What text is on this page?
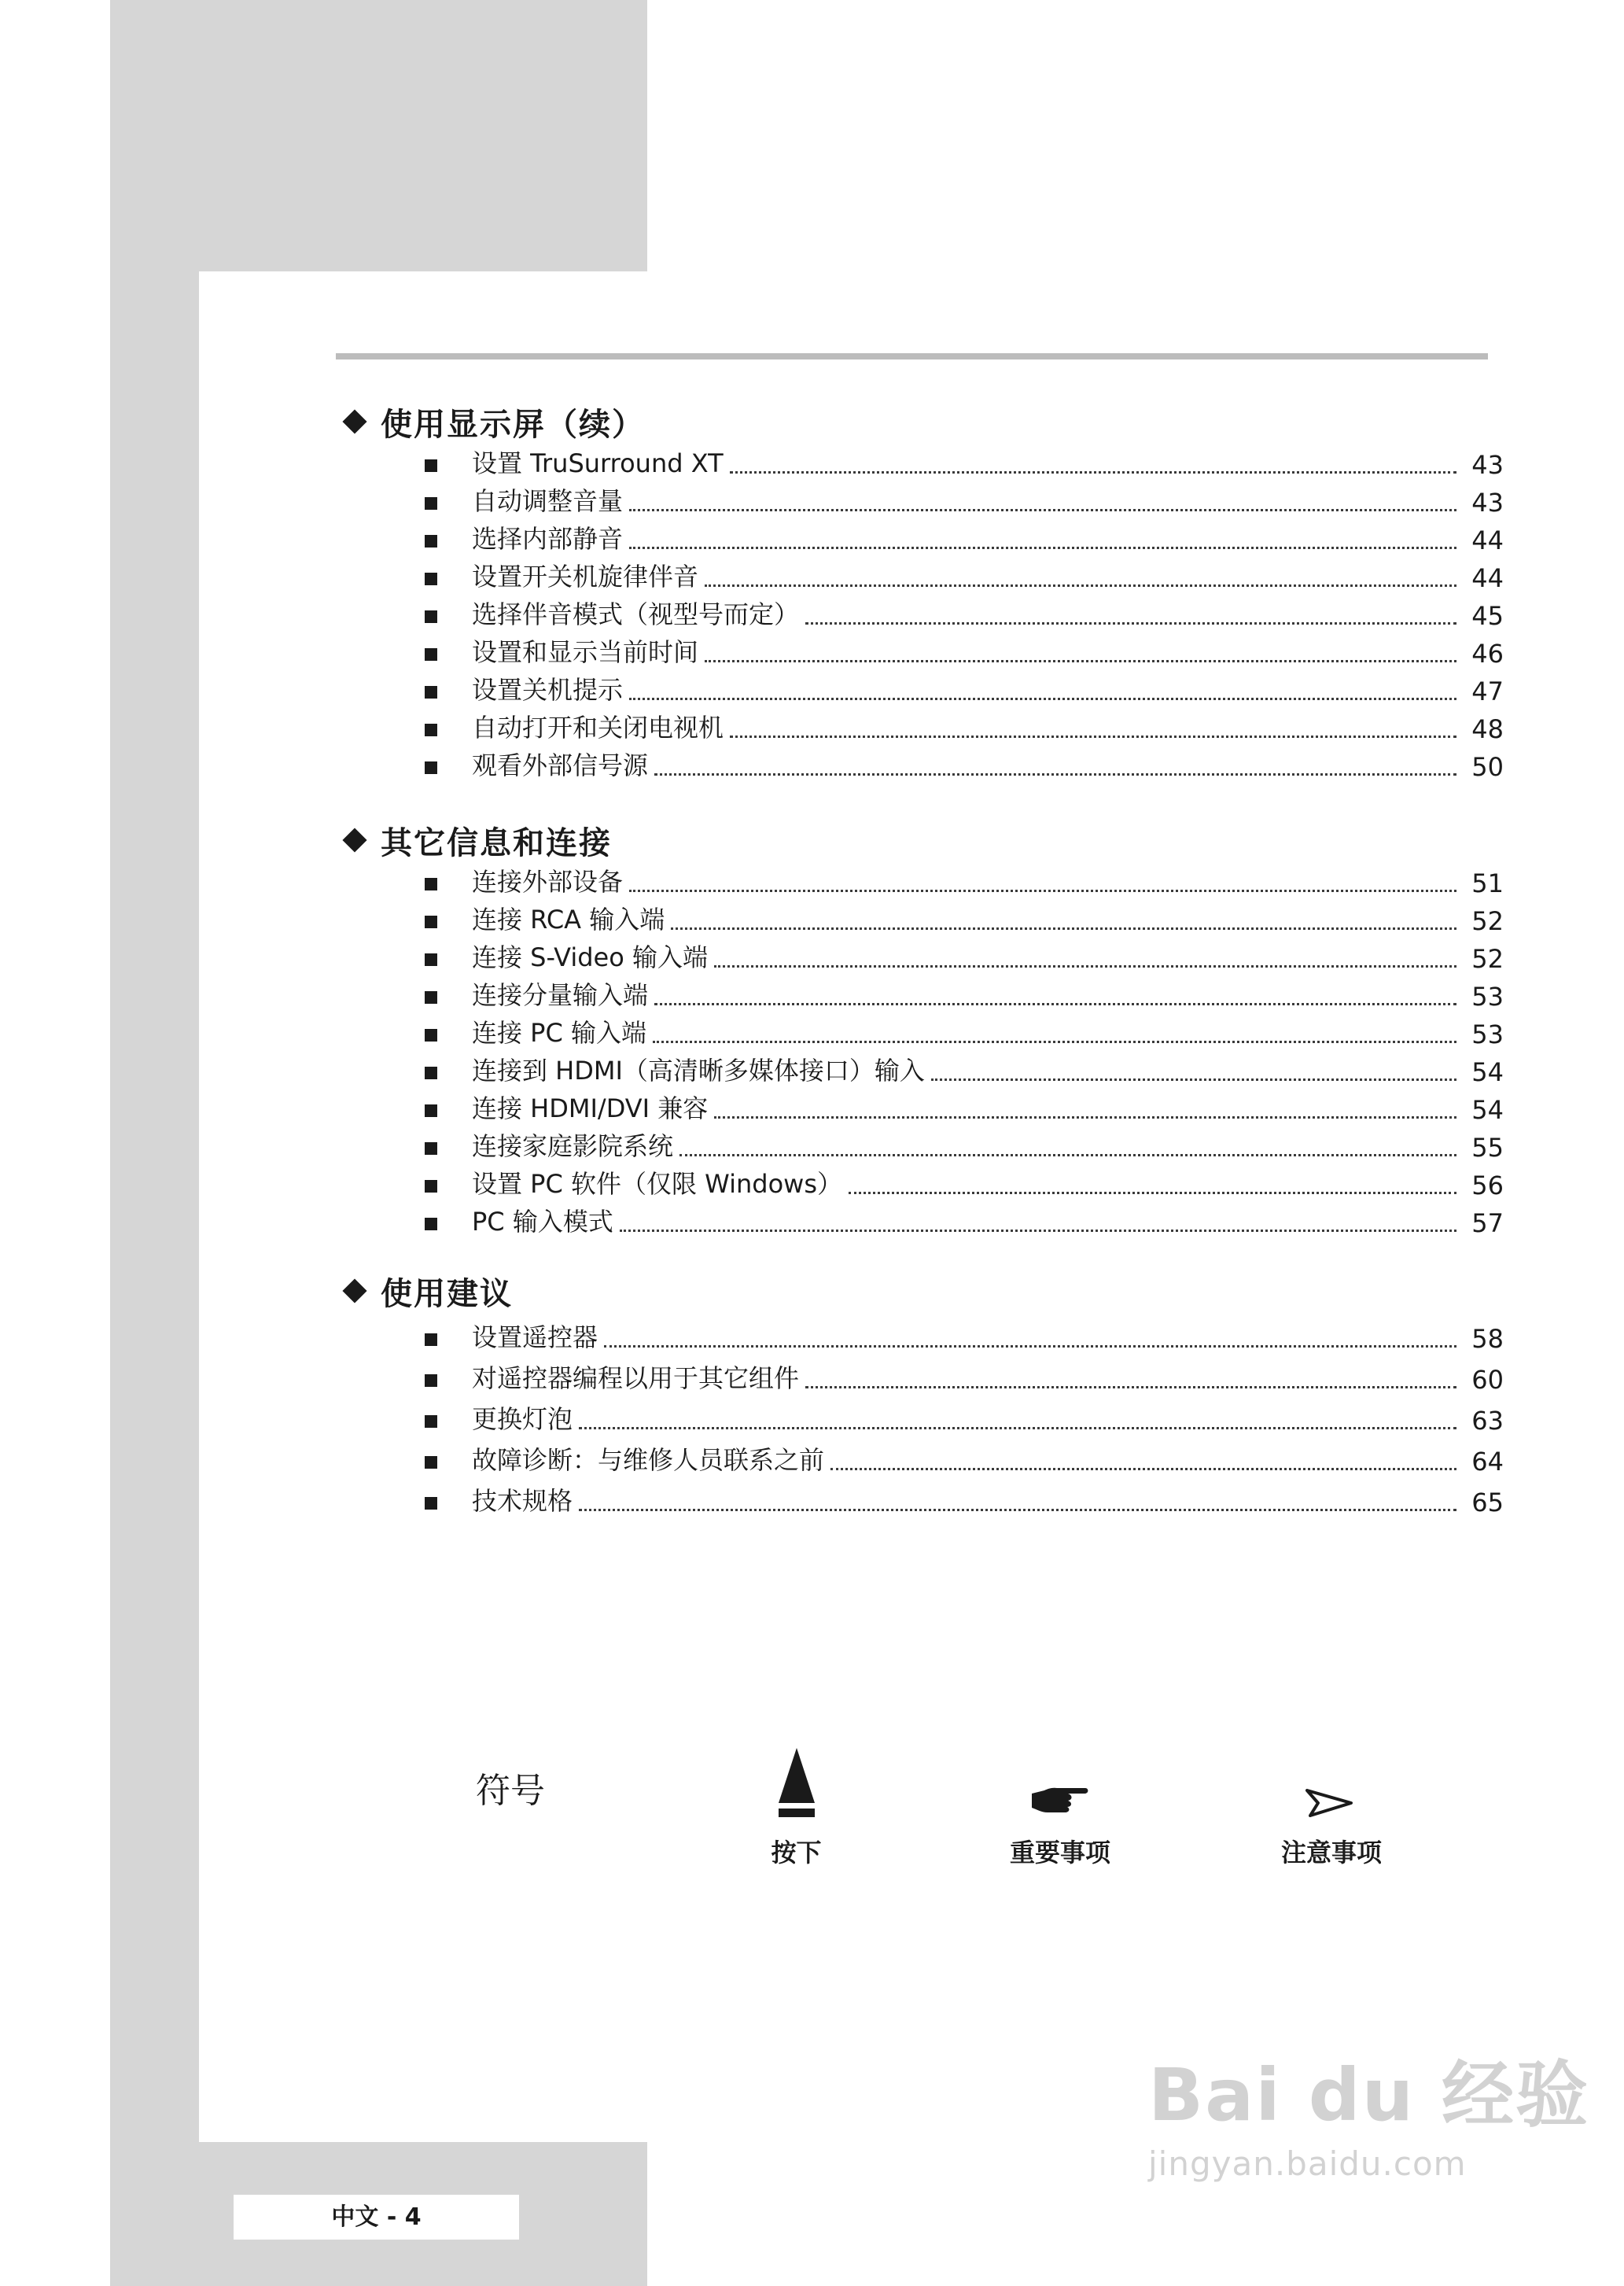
使用显示屏（续）
设置 TruSurround XT	43
自动调整音量	43
选择内部静音	44
设置开关机旋律伴音	44
选择伴音模式（视型号而定）	45
设置和显示当前时间	46
设置关机提示	47
自动打开和关闭电视机	48
观看外部信号源	50
其它信息和连接
连接外部设备	51
连接 RCA 输入端	52
连接 S-Video 输入端	52
连接分量输入端	53
连接 PC 输入端	53
连接到 HDMI（高清晰多媒体接口）输入	54
连接 HDMI/DVI 兼容	54
连接家庭影院系统	55
设置 PC 软件（仅限 Windows）	56
PC 输入模式	57
使用建议
设置遥控器	58
对遥控器编程以用于其它组件	60
更换灯泡	63
故障诊断：与维修人员联系之前	64
技术规格	65
符号
按下	重要事项	注意事项
中文 - 4
Bai du 经验
jingyan.baidu.com
